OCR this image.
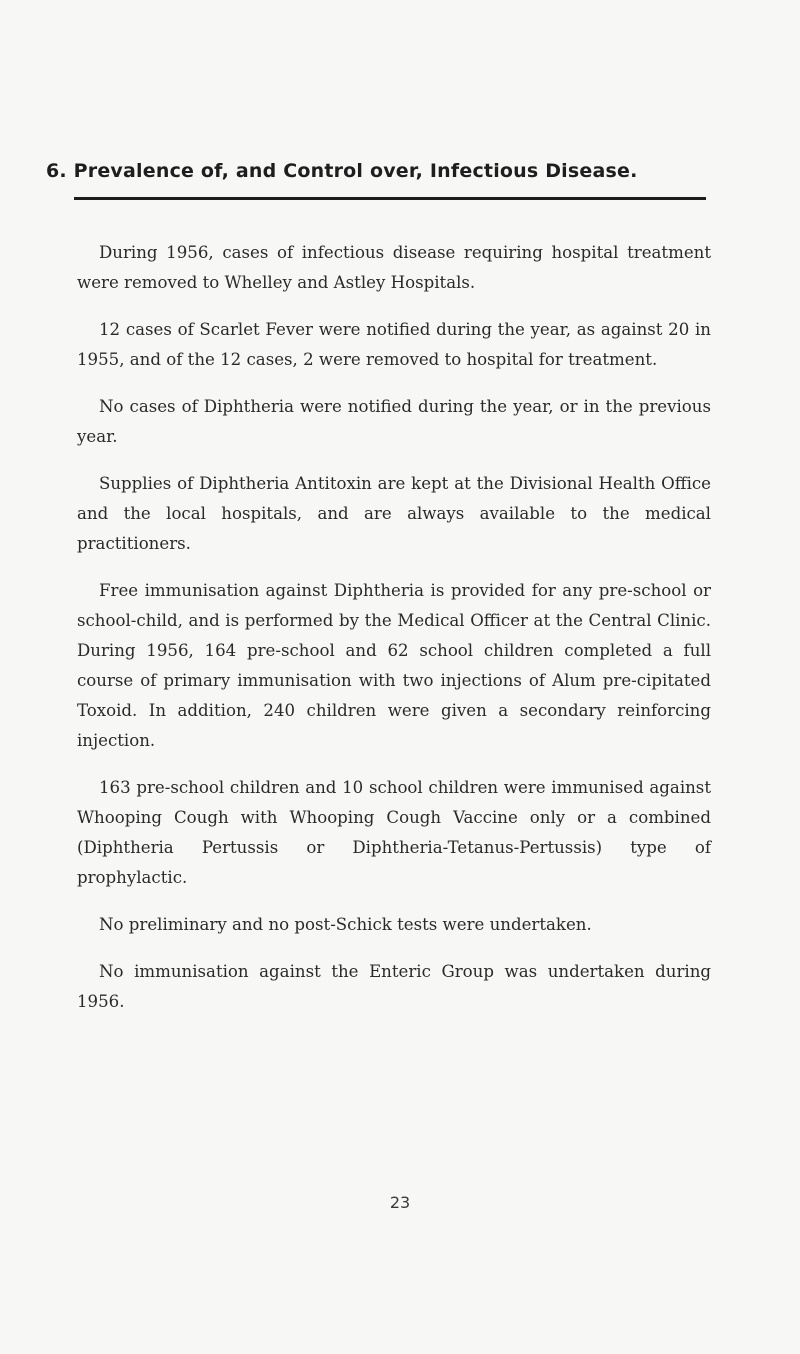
6. Prevalence of, and Control over, Infectious Disease.

During 1956, cases of infectious disease requiring hospital treatment were removed to Whelley and Astley Hospitals.

12 cases of Scarlet Fever were notified during the year, as against 20 in 1955, and of the 12 cases, 2 were removed to hospital for treatment.

No cases of Diphtheria were notified during the year, or in the previous year.

Supplies of Diphtheria Antitoxin are kept at the Divisional Health Office and the local hospitals, and are always available to the medical practitioners.

Free immunisation against Diphtheria is provided for any pre-school or school-child, and is performed by the Medical Officer at the Central Clinic. During 1956, 164 pre-school and 62 school children completed a full course of primary immunisation with two injections of Alum pre-cipitated Toxoid. In addition, 240 children were given a secondary reinforcing injection.

163 pre-school children and 10 school children were immunised against Whooping Cough with Whooping Cough Vaccine only or a combined (Diphtheria Pertussis or Diphtheria-Tetanus-Pertussis) type of prophylactic.

No preliminary and no post-Schick tests were undertaken.

No immunisation against the Enteric Group was undertaken during 1956.

23
